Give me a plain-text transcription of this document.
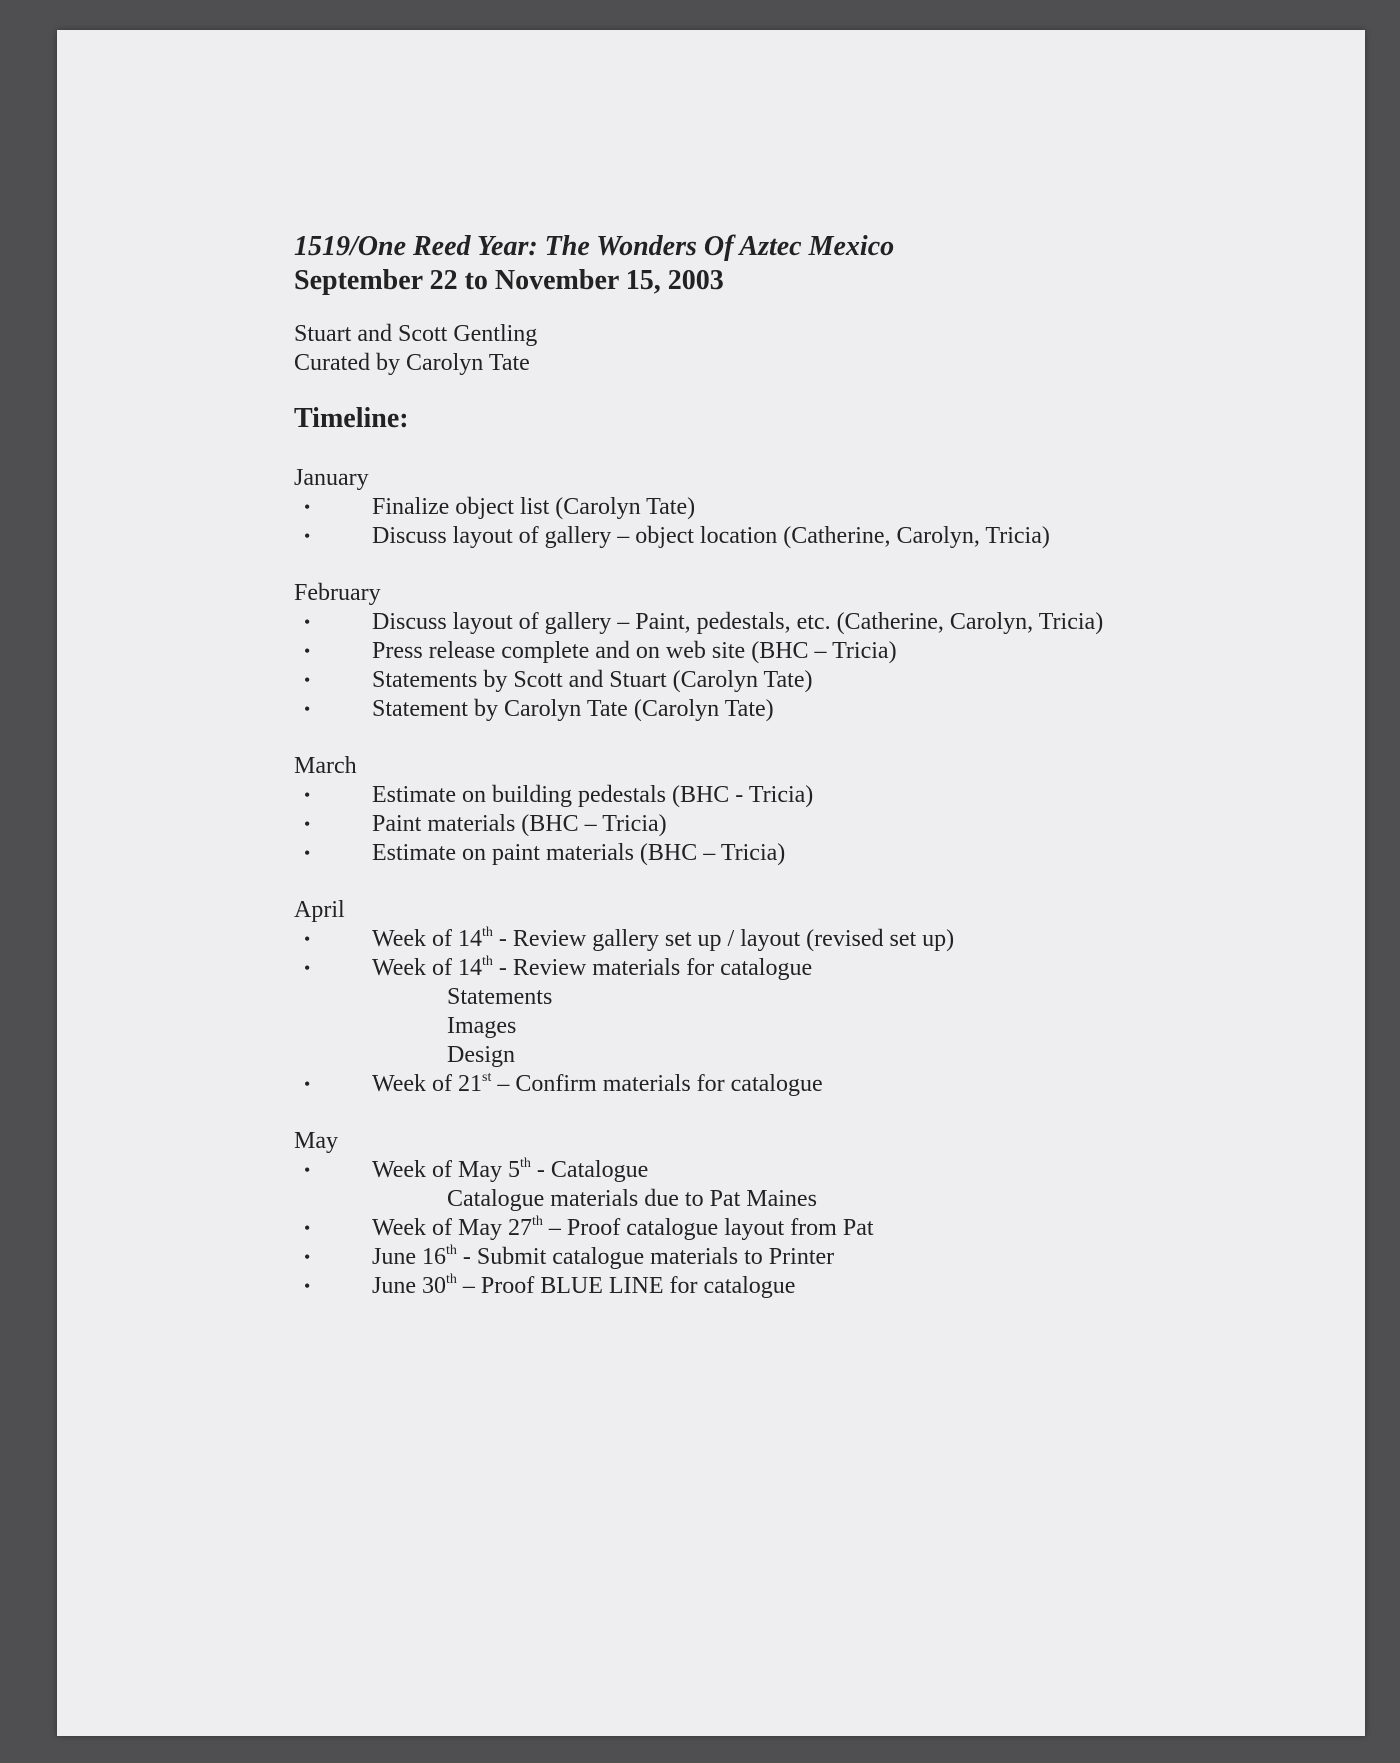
1519/One Reed Year: The Wonders Of Aztec Mexico

September 22 to November 15, 2003

Stuart and Scott Gentling
Curated by Carolyn Tate
Timeline:
January
•	Finalize object list (Carolyn Tate)
•	Discuss layout of gallery – object location (Catherine, Carolyn, Tricia)
February
•	Discuss layout of gallery – Paint, pedestals, etc. (Catherine, Carolyn, Tricia)
•	Press release complete and on web site (BHC – Tricia)
•	Statements by Scott and Stuart (Carolyn Tate)
•	Statement by Carolyn Tate (Carolyn Tate)
March
•	Estimate on building pedestals (BHC - Tricia)
•	Paint materials (BHC – Tricia)
•	Estimate on paint materials (BHC – Tricia)
April
•	Week of 14th - Review gallery set up / layout (revised set up)
•	Week of 14th - Review materials for catalogue
Statements
Images
Design
•	Week of 21st – Confirm materials for catalogue
May
•	Week of May 5th - Catalogue
Catalogue materials due to Pat Maines
•	Week of May 27th – Proof catalogue layout from Pat
•	June 16th - Submit catalogue materials to Printer
•	June 30th – Proof BLUE LINE for catalogue
